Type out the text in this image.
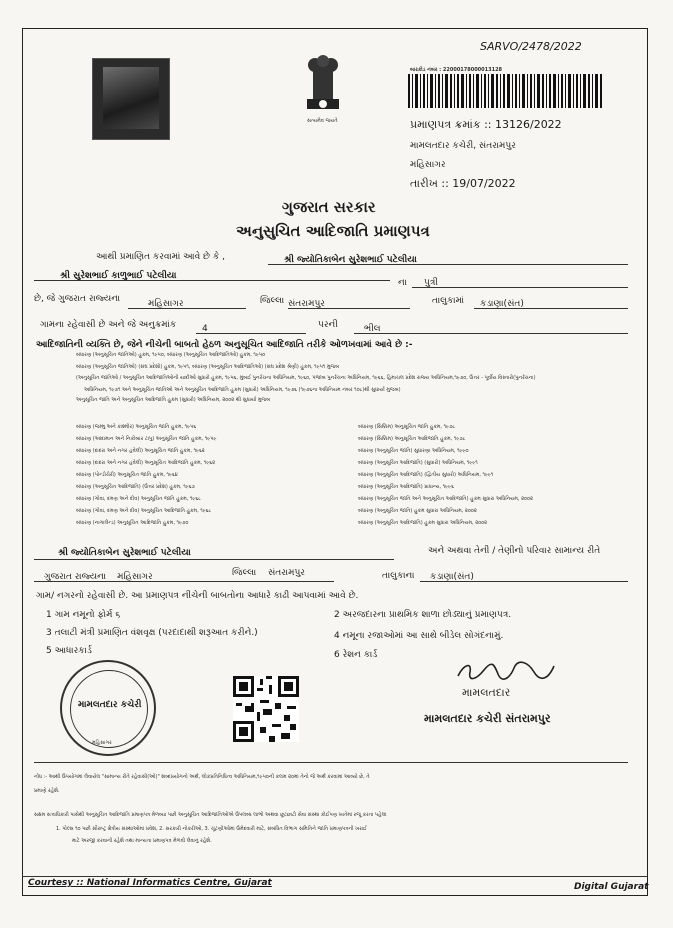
SARVO/2478/2022
સત્યમેવ જયતે
બારકોડ નંબર : 22000178000013128
પ્રમાણપત્ર ક્રમાંક :: 13126/2022
મામલતદાર કચેરી, સંતરામપુર
મહિસાગર
તારીખ :: 19/07/2022
ગુજરાત સરકાર
અનુસુચિત આદિજાતિ પ્રમાણપત્ર
આથી પ્રમાણિત કરવામાં આવે છે કે ,	શ્રી જ્યોતિકાબેન સુરેશભાઈ પટેલીયા
શ્રી સુરેશભાઈ કાળુભાઈ પટેલીયા
ના	પુત્રી
છે, જે ગુજરાત રાજ્યના	મહિસાગર	જિલ્લા સંતરામપુર	તાલુકામાં	કડાણા(સંત)
ગામના રહેવાસી છે અને જે અનુક્રમાંક	4	પરની	ભીલ
આદિજાતિની વ્યક્તિ છે, જેને નીચેની બાબતો હેઠળ અનુસૂચિત આદિજાતિ તરીકે ઓળખવામાં આવે છે :-
બંધારણ (અનુસૂચિત જાતિઓ) હુકમ, ૧૯૫૦, બંધારણ (અનુસૂચિત આદિજાતિઓ) હુકમ, ૧૯૫૦
બંધારણ (અનુસૂચિત જાતિઓ) (સંઘ પ્રદેશો) હુકમ, ૧૯૫૧, બંધારણ (અનુસૂચિત આદિજાતિઓ) (સંઘ પ્રદેશ શ્રેણી) હુકમ, ૧૯૫૧ મુજબ
(અનુસૂચિત જાતિઓ / અનુસૂચિત આદિજાતિઓની યાદીઓ સુધારો હુકમ, ૧૯૫૬, મુંબઈ પુનર્રચના અધિનિયમ, ૧૯૬૦, પંજાબ પુનર્રચના અધિનિયમ, ૧૯૬૬, હિમાચલ પ્રદેશ રાજ્ય અધિનિયમ,૧૯૭૦, ઉત્તર - પૂર્વીય વિસ્તારો(પુનર્રચના)
અધિનિયમ, ૧૯૭૧ અને અનુસૂચિત જાતિઓ અને અનુસૂચિત આદિજાતિ હુકમ (સુધારો) અધિનિયમ, ૧૯૭૬ (૧૯૭૬ના અધિનિયમ નંબર ૧૦૮)થી સુધાર્યા મુજબ)
અનુસૂચિત જાતિ અને અનુસૂચિત આદિજાતિ હુકમ (સુધારો) અધિનિયમ, ૨૦૦૨ થી સુધાર્યા મુજબ
બંધારણ (જમ્મુ અને કાશ્મીર) અનુસૂચિત જાતિ હુકમ, ૧૯૫૬
બંધારણ (આંદામાન અને નિકોબાર ટાપુ) અનુસૂચિત જાતિ હુકમ, ૧૯૫૯
બંધારણ (દાદરા અને નગર હવેલી) અનુસૂચિત જાતિ હુકમ, ૧૯૬૨
બંધારણ (દાદરા અને નગર હવેલી) અનુસૂચિત આદિજાતિ હુકમ, ૧૯૬૨
બંધારણ (પોન્ડીચેરી) અનુસૂચિત જાતિ હુકમ, ૧૯૬૪
બંધારણ (અનુસૂચિત આદિજાતિ) (ઉત્તર પ્રદેશ) હુકમ, ૧૯૬૭
બંધારણ (ગોવા, દમણ અને દીવ) અનુસૂચિત જાતિ હુકમ, ૧૯૬૮
બંધારણ (ગોવા, દમણ અને દીવ) અનુસૂચિત આદિજાતિ હુકમ, ૧૯૬૮
બંધારણ (નાગાલેન્ડ) અનુસૂચિત આદિજાતિ હુકમ, ૧૯૭૦
બંધારણ (સિક્કિમ) અનુસૂચિત જાતિ હુકમ, ૧૯૭૮
બંધારણ (સિક્કિમ) અનુસૂચિત આદિજાતિ હુકમ, ૧૯૭૮
બંધારણ (અનુસૂચિત જાતિ) સુધારણા અધિનિયમ, ૧૯૯૦
બંધારણ (અનુસૂચિત આદિજાતિ) (સુધારો) અધિનિયમ, ૧૯૯૧
બંધારણ (અનુસૂચિત આદિજાતિ) (દ્વિતીય સુધારો) અધિનિયમ, ૧૯૯૧
બંધારણ (અનુસૂચિત આદિજાતિ) પ્રાધાન્ય, ૧૯૯૬
બંધારણ (અનુસૂચિત જાતિ અને અનુસૂચિત આદિજાતિ) હુકમ સુધારા અધિનિયમ, ૨૦૦૨
બંધારણ (અનુસૂચિત જાતિ) હુકમ સુધારા અધિનિયમ, ૨૦૦૨
બંધારણ (અનુસૂચિત આદિજાતિ) હુકમ સુધારા અધિનિયમ, ૨૦૦૨
શ્રી જ્યોતિકાબેન સુરેશભાઈ પટેલીયા	અને અથવા તેની / તેણીનો પરિવાર સામાન્ય રીતે
ગુજરાત રાજ્યના મહિસાગર	જિલ્લા સંતરામપુર	તાલુકાના	કડાણા(સંત)
ગામ/ નગરનો રહેવાસી છે. આ પ્રમાણપત્ર નીચેની બાબતોના આધારે કાઢી આપવામાં આવે છે.
1 ગામ નમૂનો ફોર્મ ૬	2 અરજદારના પ્રાથમિક શાળા છોડ્યાનું પ્રમાણપત્ર.
3 તલાટી મંત્રી પ્રમાણિત વંશવૃક્ષ (પરદાદાથી શરૂઆત કરીને.)	4 નમૂના રજાઓમાં આ સાથે બીડેલ સોગંદનામું.
5 આધારકાર્ડ	6 રેશન કાર્ડ
મામલતદાર કચેરી
મહિસાગર
મામલતદાર
મામલતદાર કચેરી સંતરામપુર
નોંધ :- આથી ઉપયોગમાં લેવાયેલ "સામાન્ય રીતે રહેવાસી(ઓ)" શબ્દપ્રયોગનો અર્થ, લોકપ્રતિનિધિત્વ અધિનિયમ,૧૯૫૦ની કલમ ૨૦માં તેનો જે અર્થ કરવામાં આવ્યો છે, તે
પ્રમાણે રહેશે.
સક્ષમ સત્તાધિકારી પાસેથી અનુસૂચિત આદિજાતિ પ્રમાણપત્ર મેળવ્યા પછી અનુસૂચિત આદિજાતિઓએ ઉપલબ્ધ લાભો અથવા છૂટછાટો સેવા સંસ્થા કોઈપણ ખાતેમાં રજૂ કરતા પહેલાં
1. પોલ્સ ૧૦ પછી સૌરાષ્ટ્ર ક્ષેત્રીય સંસ્થાઓમાં પ્રવેશ, 2. સરકારી નોકરીઓ, 3. ચૂંટણીઓમાં ઉમેદવારી માટે, સંબંધિત વિભાગ સમિતિને જાતિ પ્રમાણપત્રની ખરાઈ
માટે અરજી કરવાની રહેશે તથા માન્યતા પ્રમાણપત્ર મેળવી લેવાનું રહેશે.
Courtesy :: National Informatics Centre, Gujarat	Digital Gujarat
